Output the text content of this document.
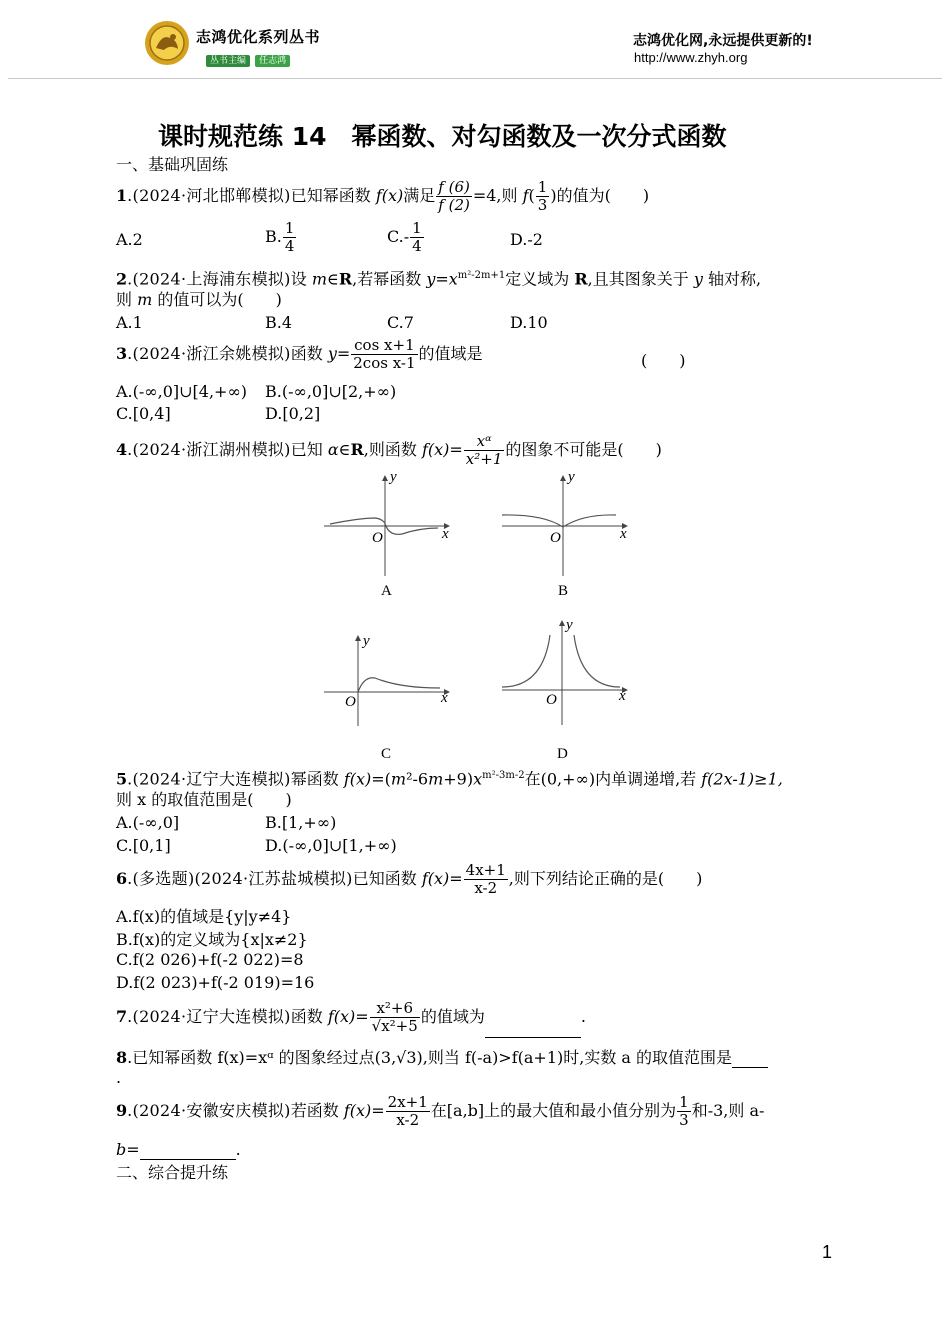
志鸿优化系列丛书
丛书主编 任志鸿
志鸿优化网,永远提供更新的!
http://www.zhyh.org
课时规范练 14　幂函数、对勾函数及一次分式函数
一、基础巩固练
1.(2024·河北邯郸模拟)已知幂函数 f(x)满足 $\frac{f (6)}{f (2)} =4$,则 $f( \frac{1}{3}$ )的值为(　　)
A.2	B. $\frac{1}{4}$	$C.- \frac{1}{4}$	D.-2
2.(2024·上海浦东模拟)设 m∈R,若幂函数 $y=x^{m^2-2m+1}$定义域为 R,且其图象关于 y 轴对称,
则 m 的值可以为(　　)
A.1	B.4	C.7	D.10
3.(2024·浙江余姚模拟)函数 $y= \frac{\text{cos x+1}}{\text{2cos x-1}}$ 的值域是	(　　)
A.(-∞,0]∪[4,+∞) B.(-∞,0]∪[2,+∞)
C.[0,4]	D.[0,2]
4.(2024·浙江湖州模拟)已知 α∈R,则函数 $f(x)= \frac{\text{xᵅ}}{\text{x²+1}}$ 的图象不可能是(　　)
y
x
O
A
y
x
O
B
y
x
O
C
y
x
O
D
5.(2024·辽宁大连模拟)幂函数 $f(x)=(m^2-6m+9)x^{m^2-3m-2}$在(0,+∞)内单调递增,若 f(2x-1)≥1,
则 x 的取值范围是(　　)
A.(-∞,0]	B.[1,+∞)
C.[0,1]	D.(-∞,0]∪[1,+∞)
6.(多选题)(2024·江苏盐城模拟)已知函数 $f(x)= \frac{4x+1}{x-2}$ ,则下列结论正确的是(　　)
A.f(x)的值域是{y|y≠4}
B.f(x)的定义域为{x|x≠2}
C.f(2 026)+f(-2 022)=8
D.f(2 023)+f(-2 019)=16
7.(2024·辽宁大连模拟)函数 $f(x)= \frac{\text{x²+6}}{\text{√x²+5}}$ 的值域为	.
8.已知幂函数 f(x)=xᵅ 的图象经过点(3,√3),则当 f(-a)>f(a+1)时,实数 a 的取值范围是
.
9.(2024·安徽安庆模拟)若函数 $f(x)= \frac{2x+1}{x-2}$ 在[a,b]上的最大值和最小值分别为 $\frac{1}{3}$ 和-3,则 a-
b=	.
二、综合提升练
1
